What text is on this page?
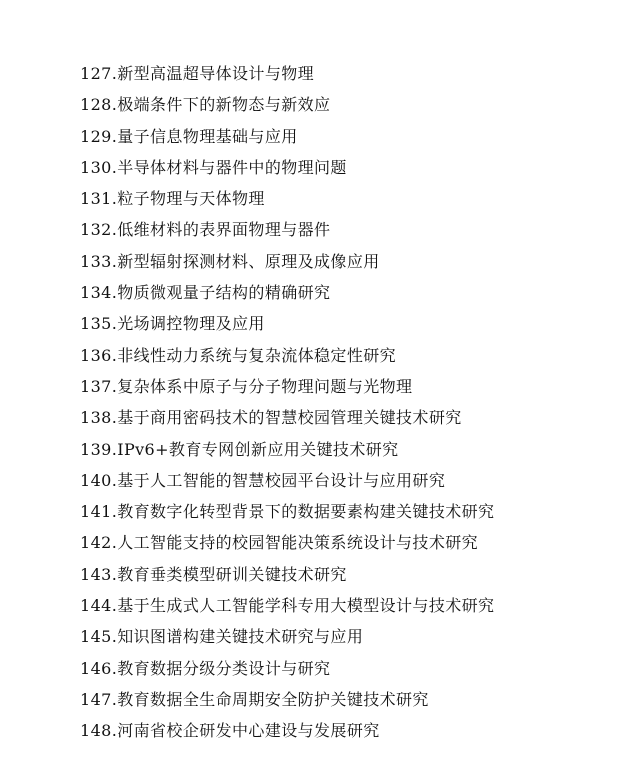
127.新型高温超导体设计与物理
128.极端条件下的新物态与新效应
129.量子信息物理基础与应用
130.半导体材料与器件中的物理问题
131.粒子物理与天体物理
132.低维材料的表界面物理与器件
133.新型辐射探测材料、原理及成像应用
134.物质微观量子结构的精确研究
135.光场调控物理及应用
136.非线性动力系统与复杂流体稳定性研究
137.复杂体系中原子与分子物理问题与光物理
138.基于商用密码技术的智慧校园管理关键技术研究
139.IPv6+教育专网创新应用关键技术研究
140.基于人工智能的智慧校园平台设计与应用研究
141.教育数字化转型背景下的数据要素构建关键技术研究
142.人工智能支持的校园智能决策系统设计与技术研究
143.教育垂类模型研训关键技术研究
144.基于生成式人工智能学科专用大模型设计与技术研究
145.知识图谱构建关键技术研究与应用
146.教育数据分级分类设计与研究
147.教育数据全生命周期安全防护关键技术研究
148.河南省校企研发中心建设与发展研究
